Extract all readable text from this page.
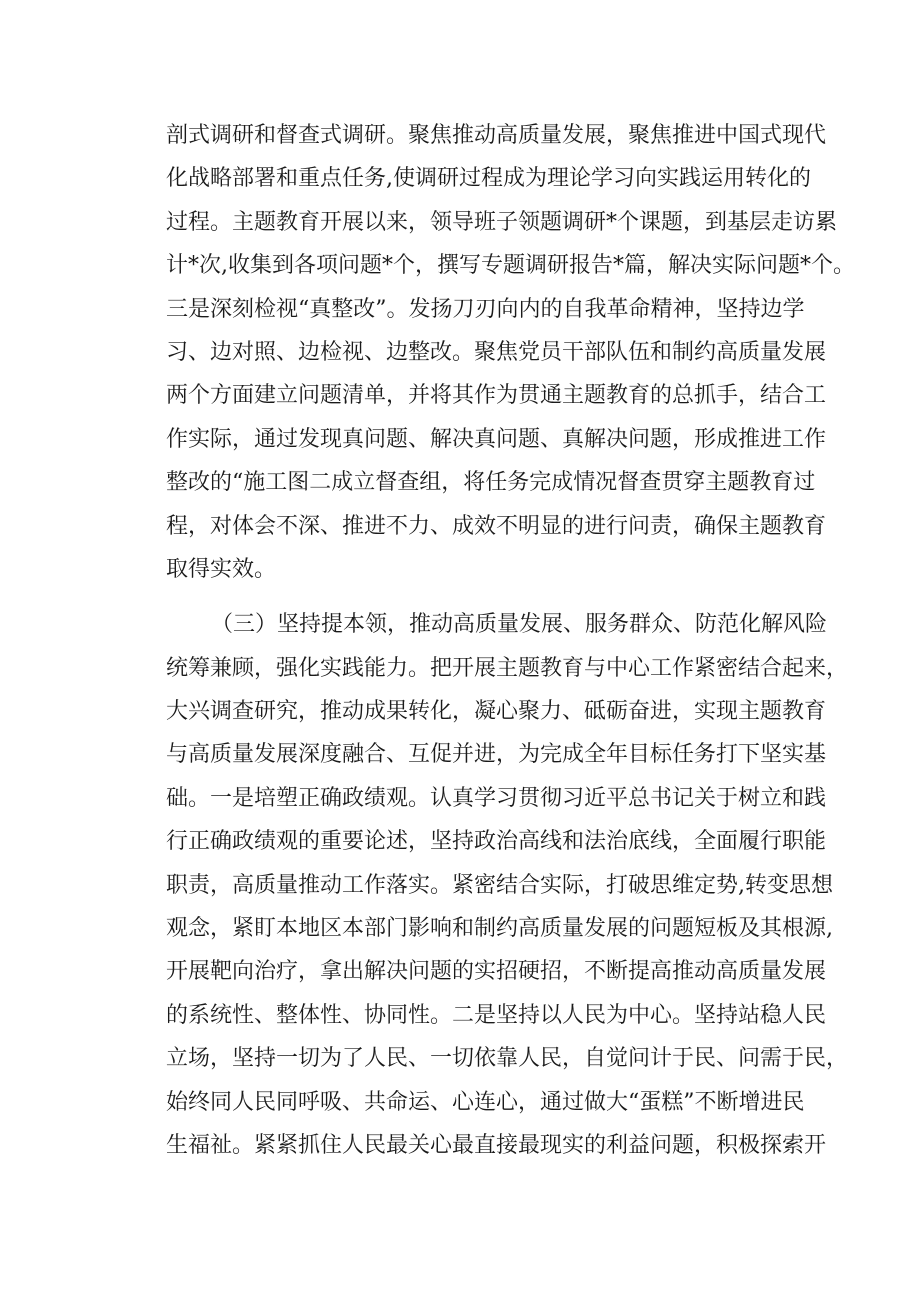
剖式调研和督查式调研。聚焦推动高质量发展，聚焦推进中国式现代
化战略部署和重点任务,使调研过程成为理论学习向实践运用转化的
过程。主题教育开展以来，领导班子领题调研*个课题，到基层走访累
计*次,收集到各项问题*个，撰写专题调研报告*篇，解决实际问题*个。
三是深刻检视“真整改”。发扬刀刃向内的自我革命精神，坚持边学
习、边对照、边检视、边整改。聚焦党员干部队伍和制约高质量发展
两个方面建立问题清单，并将其作为贯通主题教育的总抓手，结合工
作实际，通过发现真问题、解决真问题、真解决问题，形成推进工作
整改的“施工图二成立督查组，将任务完成情况督查贯穿主题教育过
程，对体会不深、推进不力、成效不明显的进行问责，确保主题教育
取得实效。
（三）坚持提本领，推动高质量发展、服务群众、防范化解风险
统筹兼顾，强化实践能力。把开展主题教育与中心工作紧密结合起来，
大兴调查研究，推动成果转化，凝心聚力、砥砺奋进，实现主题教育
与高质量发展深度融合、互促并进，为完成全年目标任务打下坚实基
础。一是培塑正确政绩观。认真学习贯彻习近平总书记关于树立和践
行正确政绩观的重要论述，坚持政治高线和法治底线，全面履行职能
职责，高质量推动工作落实。紧密结合实际，打破思维定势,转变思想
观念，紧盯本地区本部门影响和制约高质量发展的问题短板及其根源,
开展靶向治疗，拿出解决问题的实招硬招，不断提高推动高质量发展
的系统性、整体性、协同性。二是坚持以人民为中心。坚持站稳人民
立场，坚持一切为了人民、一切依靠人民，自觉问计于民、问需于民，
始终同人民同呼吸、共命运、心连心，通过做大“蛋糕”不断增进民
生福祉。紧紧抓住人民最关心最直接最现实的利益问题，积极探索开
